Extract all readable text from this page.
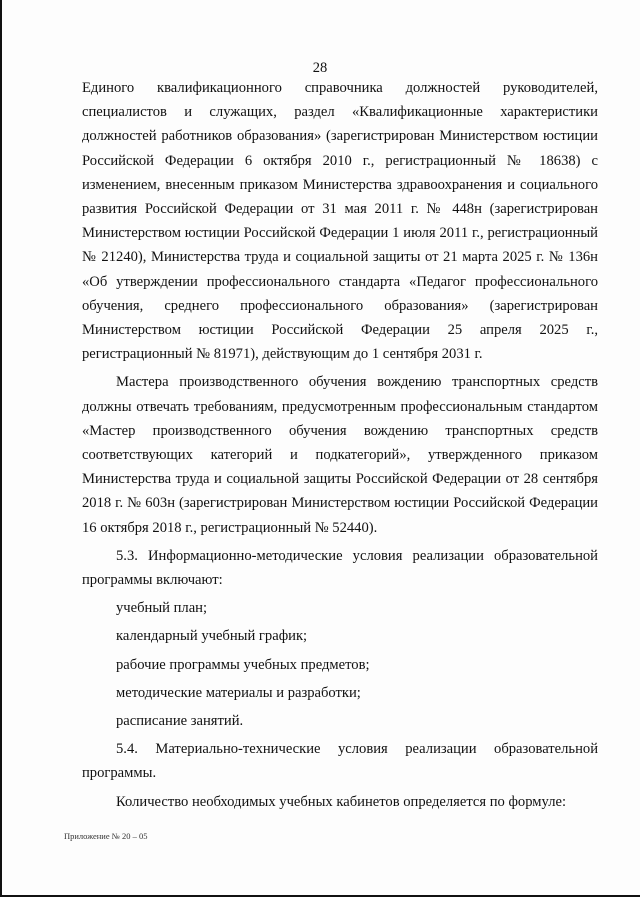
28

Единого квалификационного справочника должностей руководителей, специалистов и служащих, раздел «Квалификационные характеристики должностей работников образования» (зарегистрирован Министерством юстиции Российской Федерации 6 октября 2010 г., регистрационный № 18638) с изменением, внесенным приказом Министерства здравоохранения и социального развития Российской Федерации от 31 мая 2011 г. № 448н (зарегистрирован Министерством юстиции Российской Федерации 1 июля 2011 г., регистрационный № 21240), Министерства труда и социальной защиты от 21 марта 2025 г. № 136н «Об утверждении профессионального стандарта «Педагог профессионального обучения, среднего профессионального образования» (зарегистрирован Министерством юстиции Российской Федерации 25 апреля 2025 г., регистрационный № 81971), действующим до 1 сентября 2031 г.

Мастера производственного обучения вождению транспортных средств должны отвечать требованиям, предусмотренным профессиональным стандартом «Мастер производственного обучения вождению транспортных средств соответствующих категорий и подкатегорий», утвержденного приказом Министерства труда и социальной защиты Российской Федерации от 28 сентября 2018 г. № 603н (зарегистрирован Министерством юстиции Российской Федерации 16 октября 2018 г., регистрационный № 52440).

5.3. Информационно-методические условия реализации образовательной программы включают:

учебный план;

календарный учебный график;

рабочие программы учебных предметов;

методические материалы и разработки;

расписание занятий.

5.4. Материально-технические условия реализации образовательной программы.

Количество необходимых учебных кабинетов определяется по формуле:

Приложение № 20 – 05
